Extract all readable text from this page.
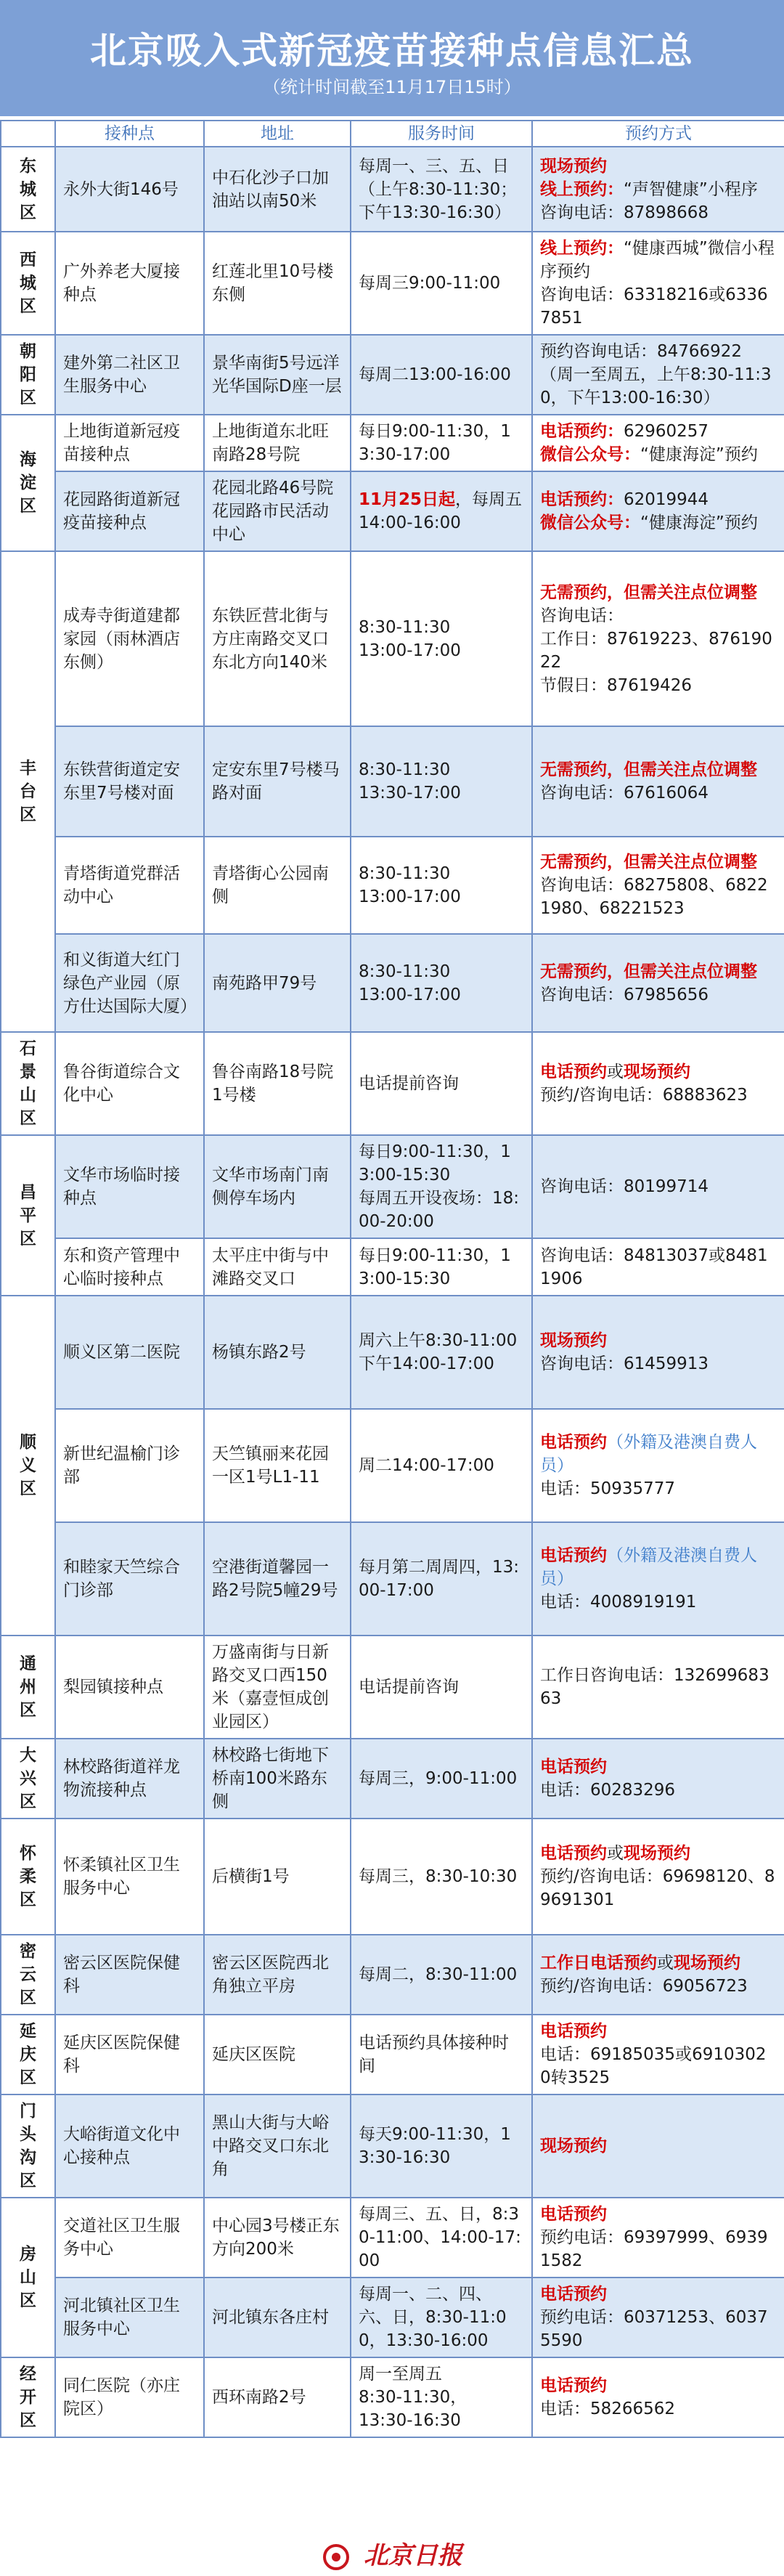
北京吸入式新冠疫苗接种点信息汇总
（统计时间截至11月17日15时）
	接种点	地址	服务时间	预约方式
东城区	永外大街146号	中石化沙子口加油站以南50米	每周一、三、五、日
（上午8:30-11:30；
下午13:30-16:30）	现场预约
线上预约：“声智健康”小程序
咨询电话：87898668

西城区	广外养老大厦接种点	红莲北里10号楼东侧	每周三9:00-11:00	线上预约：“健康西城”微信小程序预约
咨询电话：63318216或63367851

朝阳区	建外第二社区卫生服务中心	景华南街5号远洋光华国际D座一层	每周二13:00-16:00	预约咨询电话：84766922
（周一至周五，上午8:30-11:30，下午13:00-16:30）

海淀区	上地街道新冠疫苗接种点	上地街道东北旺南路28号院	每日9:00-11:30，13:30-17:00	电话预约：62960257
微信公众号：“健康海淀”预约

	花园路街道新冠疫苗接种点	花园北路46号院花园路市民活动中心	11月25日起，每周五14:00-16:00	电话预约：62019944
微信公众号：“健康海淀”预约

丰台区	成寿寺街道建都家园（雨林酒店东侧）	东铁匠营北街与方庄南路交叉口东北方向140米	8:30-11:30
13:00-17:00	无需预约，但需关注点位调整
咨询电话：
工作日：87619223、87619022
节假日：87619426

	东铁营街道定安东里7号楼对面	定安东里7号楼马路对面	8:30-11:30
13:30-17:00	无需预约，但需关注点位调整
咨询电话：67616064

	青塔街道党群活动中心	青塔街心公园南侧	8:30-11:30
13:00-17:00	无需预约，但需关注点位调整
咨询电话：68275808、68221980、68221523

	和义街道大红门绿色产业园（原方仕达国际大厦）	南苑路甲79号	8:30-11:30
13:00-17:00	无需预约，但需关注点位调整
咨询电话：67985656

石景山区	鲁谷街道综合文化中心	鲁谷南路18号院1号楼	电话提前咨询	电话预约或现场预约
预约/咨询电话：68883623

昌平区	文华市场临时接种点	文华市场南门南侧停车场内	每日9:00-11:30，13:00-15:30
每周五开设夜场：18:00-20:00	咨询电话：80199714

	东和资产管理中心临时接种点	太平庄中街与中滩路交叉口	每日9:00-11:30，13:00-15:30	咨询电话：84813037或84811906

顺义区	顺义区第二医院	杨镇东路2号	周六上午8:30-11:00
下午14:00-17:00	现场预约
咨询电话：61459913

	新世纪温榆门诊部	天竺镇丽来花园一区1号L1-11	周二14:00-17:00	电话预约（外籍及港澳自费人员）
电话：50935777

	和睦家天竺综合门诊部	空港街道馨园一路2号院5幢29号	每月第二周周四，13:00-17:00	电话预约（外籍及港澳自费人员）
电话：4008919191

通州区	梨园镇接种点	万盛南街与日新路交叉口西150米（嘉壹恒成创业园区）	电话提前咨询	工作日咨询电话：13269968363

大兴区	林校路街道祥龙物流接种点	林校路七街地下桥南100米路东侧	每周三，9:00-11:00	电话预约
电话：60283296

怀柔区	怀柔镇社区卫生服务中心	后横街1号	每周三，8:30-10:30	电话预约或现场预约
预约/咨询电话：69698120、89691301

密云区	密云区医院保健科	密云区医院西北角独立平房	每周二，8:30-11:00	工作日电话预约或现场预约
预约/咨询电话：69056723

延庆区	延庆区医院保健科	延庆区医院	电话预约具体接种时间	电话预约
电话：69185035或69103020转3525

门头沟区	大峪街道文化中心接种点	黑山大街与大峪中路交叉口东北角	每天9:00-11:30，13:30-16:30	现场预约

房山区	交道社区卫生服务中心	中心园3号楼正东方向200米	每周三、五、日，8:30-11:00、14:00-17:00	电话预约
预约电话：69397999、69391582

	河北镇社区卫生服务中心	河北镇东各庄村	每周一、二、四、六、日，8:30-11:00，13:30-16:00	电话预约
预约电话：60371253、60375590

经开区	同仁医院（亦庄院区）	西环南路2号	周一至周五
8:30-11:30，
13:30-16:30	电话预约
电话：58266562
北京日报
